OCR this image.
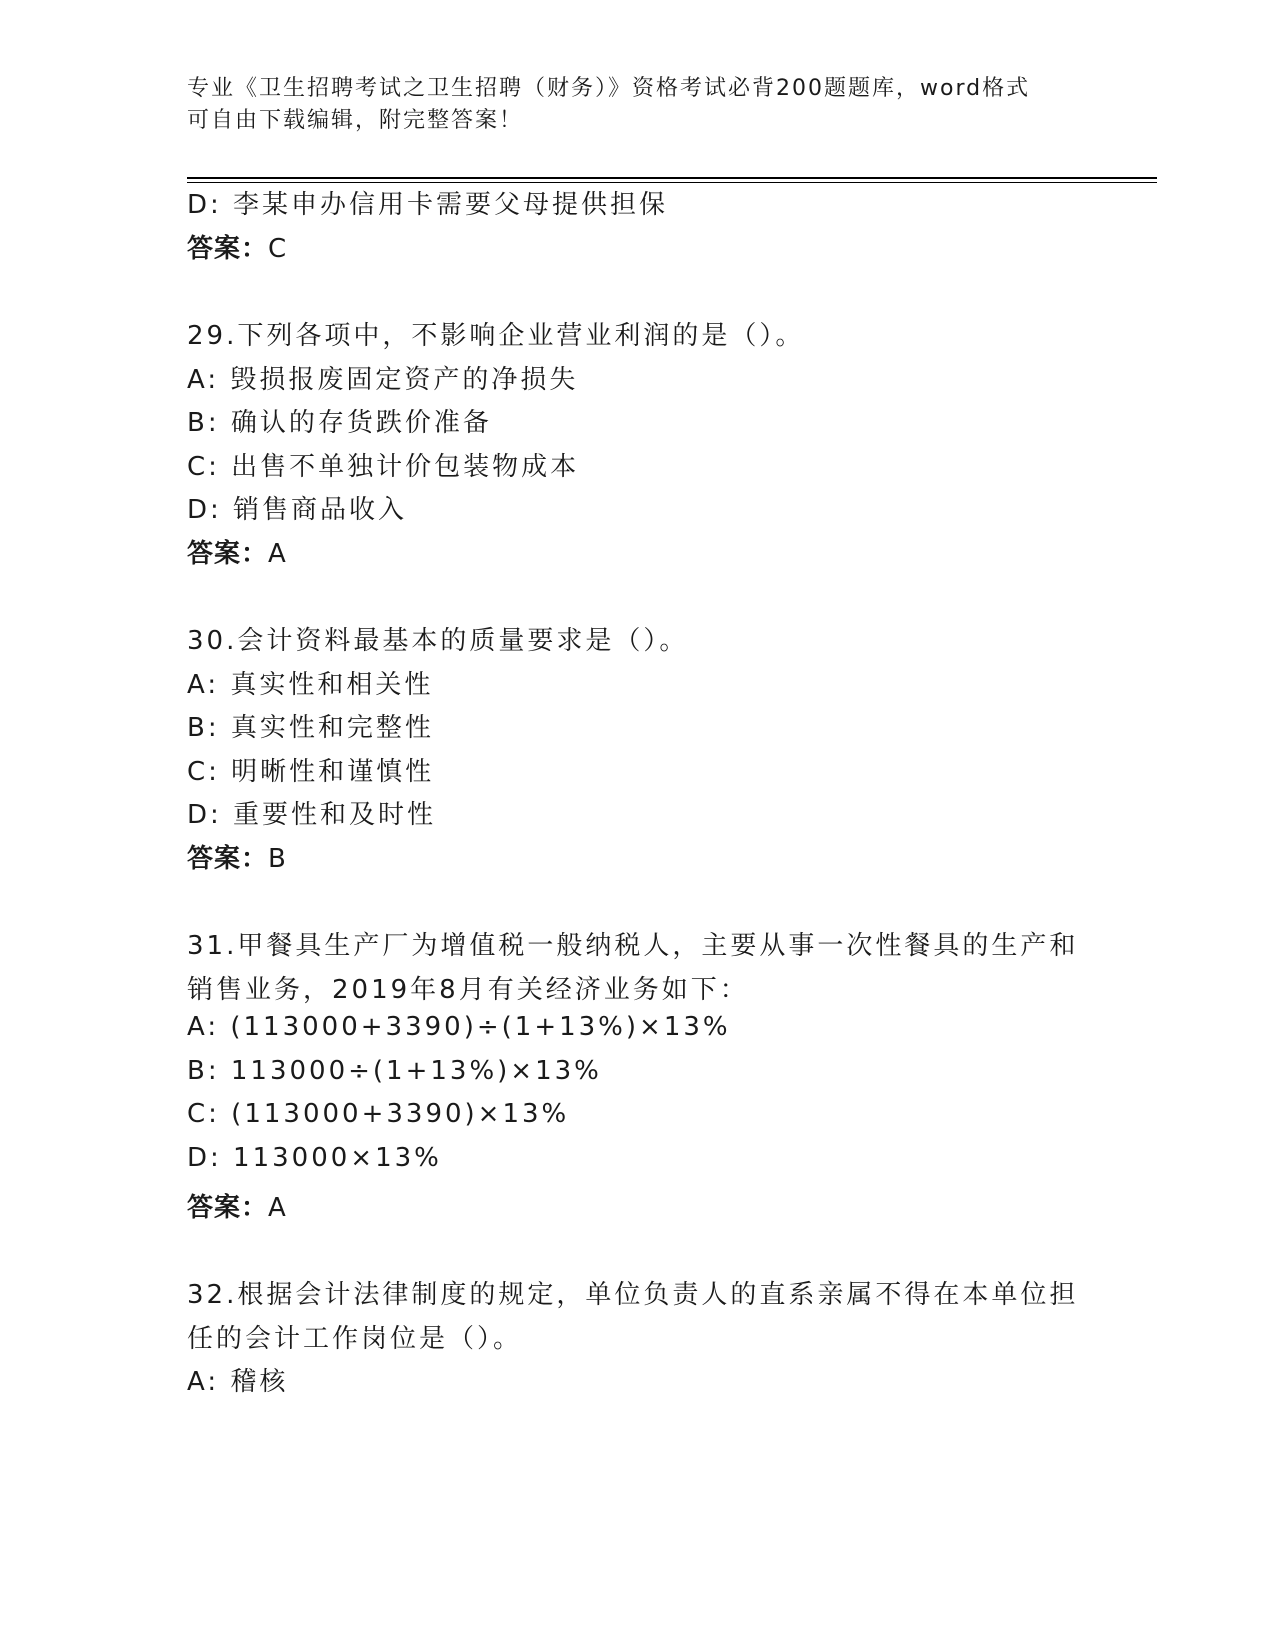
专业《卫生招聘考试之卫生招聘（财务）》资格考试必背200题题库，word格式
可自由下载编辑，附完整答案！
D: 李某申办信用卡需要父母提供担保
答案：C
29.下列各项中，不影响企业营业利润的是（）。
A: 毁损报废固定资产的净损失
B: 确认的存货跌价准备
C: 出售不单独计价包装物成本
D: 销售商品收入
答案：A
30.会计资料最基本的质量要求是（）。
A: 真实性和相关性
B: 真实性和完整性
C: 明晰性和谨慎性
D: 重要性和及时性
答案：B
31.甲餐具生产厂为增值税一般纳税人，主要从事一次性餐具的生产和
销售业务，2019年8月有关经济业务如下：
A: (113000+3390)÷(1+13%)×13%
B: 113000÷(1+13%)×13%
C: (113000+3390)×13%
D: 113000×13%
答案：A
32.根据会计法律制度的规定，单位负责人的直系亲属不得在本单位担
任的会计工作岗位是（）。
A: 稽核
